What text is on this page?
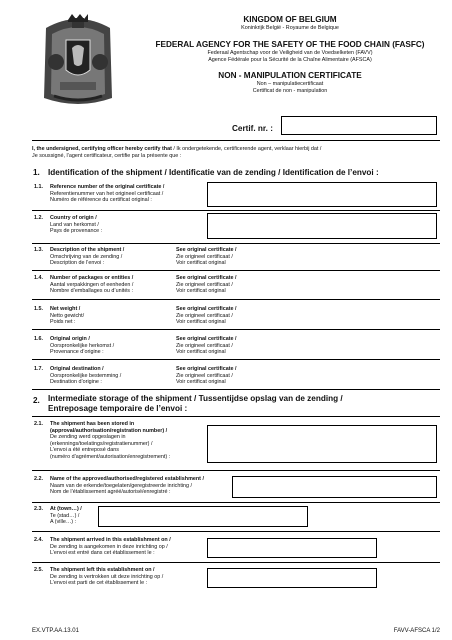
KINGDOM OF BELGIUM
Koninkrijk België - Royaume de Belgique
FEDERAL AGENCY FOR THE SAFETY OF THE FOOD CHAIN (FASFC)
Federaal Agentschap voor de Veiligheid van de Voedselketen (FAVV)
Agence Fédérale pour la Sécurité de la Chaîne Alimentaire (AFSCA)
NON - MANIPULATION CERTIFICATE
Non – manipulatiecertificaat
Certificat de non - manipulation
Certif. nr. :
I, the undersigned, certifying officer hereby certify that / Ik ondergetekende, certificerende agent, verklaar hierbij dat /
Je soussigné, l’agent certificateur, certifie par la présente que :
1. Identification of the shipment / Identificatie van de zending / Identification de l’envoi :
1.1. Reference number of the original certificate /
Referentienummer van het origineel certificaat /
Numéro de référence du certificat original :
1.2. Country of origin /
Land van herkomst /
Pays de provenance :
1.3. Description of the shipment /
Omschrijving van de zending /
Description de l’envoi :
See original certificate /
Zie origineel certificaat /
Voir certificat original
1.4. Number of packages or entities /
Aantal verpakkingen of eenheden /
Nombre d’emballages ou d’unités :
See original certificate /
Zie origineel certificaat /
Voir certificat original
1.5. Net weight /
Netto gewicht/
Poids net :
See original certificate /
Zie origineel certificaat /
Voir certificat original
1.6. Original origin /
Oorspronkelijke herkomst /
Provenance d’origine :
See original certificate /
Zie origineel certificaat /
Voir certificat original
1.7. Original destination /
Oorspronkelijke bestemming /
Destination d’origine :
See original certificate /
Zie origineel certificaat /
Voir certificat original
2. Intermediate storage of the shipment / Tussentijdse opslag van de zending /
Entreposage temporaire de l’envoi :
2.1. The shipment has been stored in
(approval/authorisation/registration number) /
De zending werd opgeslagen in
(erkennings/toelatings/registratienummer) /
L’envoi a été entreposé dans
(numéro d’agrément/autorisation/enregistrement) :
2.2. Name of the approved/authorised/registered establishment /
Naam van de erkende/toegelaten/geregistreerde inrichting /
Nom de l’établissement agréé/autorisé/enregistré :
2.3. At (town…) /
Te (stad…) /
A (ville…) :
2.4. The shipment arrived in this establishment on /
De zending is aangekomen in deze inrichting op /
L’envoi est entré dans cet établissement le :
2.5. The shipment left this establishment on /
De zending is vertrokken uit deze inrichting op /
L’envoi est parti de cet établissement le :
EX.VTP.AA.13.01	FAVV-AFSCA 1/2
